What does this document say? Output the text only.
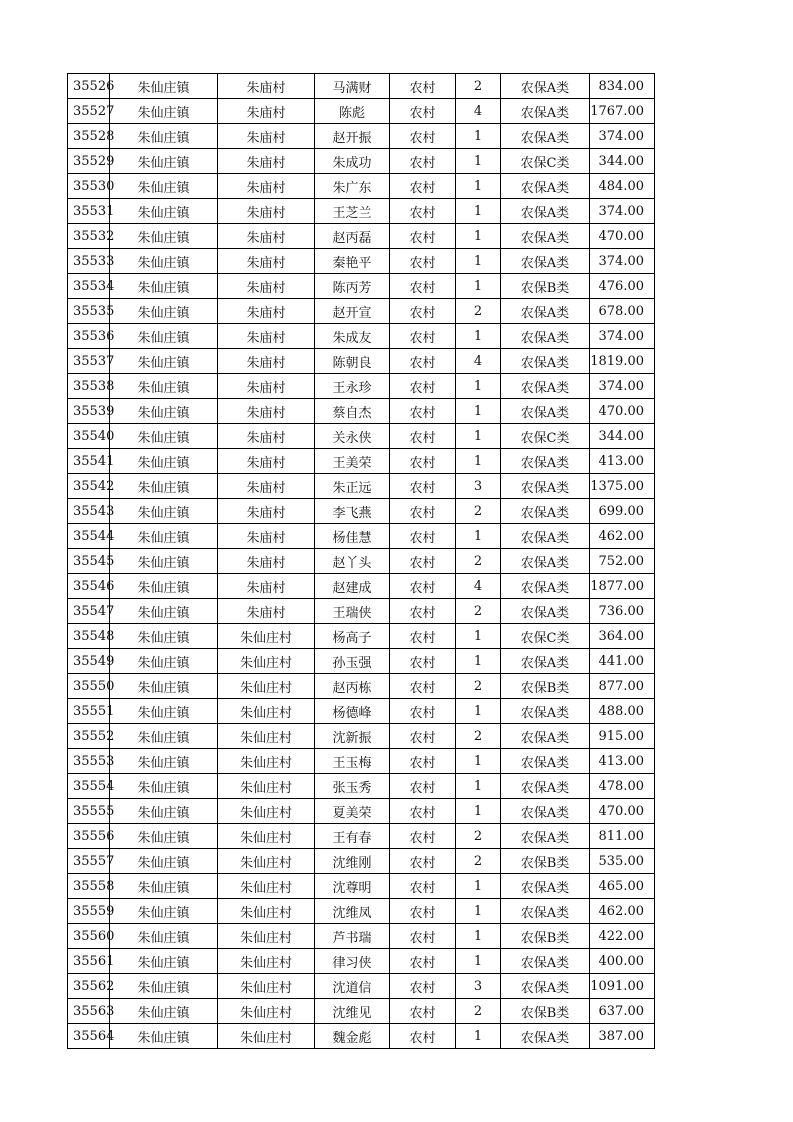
35526	朱仙庄镇	朱庙村	马满财	农村	2	农保A类	834.00
35527	朱仙庄镇	朱庙村	陈彪	农村	4	农保A类	1767.00
35528	朱仙庄镇	朱庙村	赵开振	农村	1	农保A类	374.00
35529	朱仙庄镇	朱庙村	朱成功	农村	1	农保C类	344.00
35530	朱仙庄镇	朱庙村	朱广东	农村	1	农保A类	484.00
35531	朱仙庄镇	朱庙村	王芝兰	农村	1	农保A类	374.00
35532	朱仙庄镇	朱庙村	赵丙磊	农村	1	农保A类	470.00
35533	朱仙庄镇	朱庙村	秦艳平	农村	1	农保A类	374.00
35534	朱仙庄镇	朱庙村	陈丙芳	农村	1	农保B类	476.00
35535	朱仙庄镇	朱庙村	赵开宣	农村	2	农保A类	678.00
35536	朱仙庄镇	朱庙村	朱成友	农村	1	农保A类	374.00
35537	朱仙庄镇	朱庙村	陈朝良	农村	4	农保A类	1819.00
35538	朱仙庄镇	朱庙村	王永珍	农村	1	农保A类	374.00
35539	朱仙庄镇	朱庙村	蔡自杰	农村	1	农保A类	470.00
35540	朱仙庄镇	朱庙村	关永侠	农村	1	农保C类	344.00
35541	朱仙庄镇	朱庙村	王美荣	农村	1	农保A类	413.00
35542	朱仙庄镇	朱庙村	朱正远	农村	3	农保A类	1375.00
35543	朱仙庄镇	朱庙村	李飞燕	农村	2	农保A类	699.00
35544	朱仙庄镇	朱庙村	杨佳慧	农村	1	农保A类	462.00
35545	朱仙庄镇	朱庙村	赵丫头	农村	2	农保A类	752.00
35546	朱仙庄镇	朱庙村	赵建成	农村	4	农保A类	1877.00
35547	朱仙庄镇	朱庙村	王瑞侠	农村	2	农保A类	736.00
35548	朱仙庄镇	朱仙庄村	杨高子	农村	1	农保C类	364.00
35549	朱仙庄镇	朱仙庄村	孙玉强	农村	1	农保A类	441.00
35550	朱仙庄镇	朱仙庄村	赵丙栋	农村	2	农保B类	877.00
35551	朱仙庄镇	朱仙庄村	杨德峰	农村	1	农保A类	488.00
35552	朱仙庄镇	朱仙庄村	沈新振	农村	2	农保A类	915.00
35553	朱仙庄镇	朱仙庄村	王玉梅	农村	1	农保A类	413.00
35554	朱仙庄镇	朱仙庄村	张玉秀	农村	1	农保A类	478.00
35555	朱仙庄镇	朱仙庄村	夏美荣	农村	1	农保A类	470.00
35556	朱仙庄镇	朱仙庄村	王有春	农村	2	农保A类	811.00
35557	朱仙庄镇	朱仙庄村	沈维刚	农村	2	农保B类	535.00
35558	朱仙庄镇	朱仙庄村	沈尊明	农村	1	农保A类	465.00
35559	朱仙庄镇	朱仙庄村	沈维凤	农村	1	农保A类	462.00
35560	朱仙庄镇	朱仙庄村	芦书瑞	农村	1	农保B类	422.00
35561	朱仙庄镇	朱仙庄村	律习侠	农村	1	农保A类	400.00
35562	朱仙庄镇	朱仙庄村	沈道信	农村	3	农保A类	1091.00
35563	朱仙庄镇	朱仙庄村	沈维见	农村	2	农保B类	637.00
35564	朱仙庄镇	朱仙庄村	魏金彪	农村	1	农保A类	387.00
